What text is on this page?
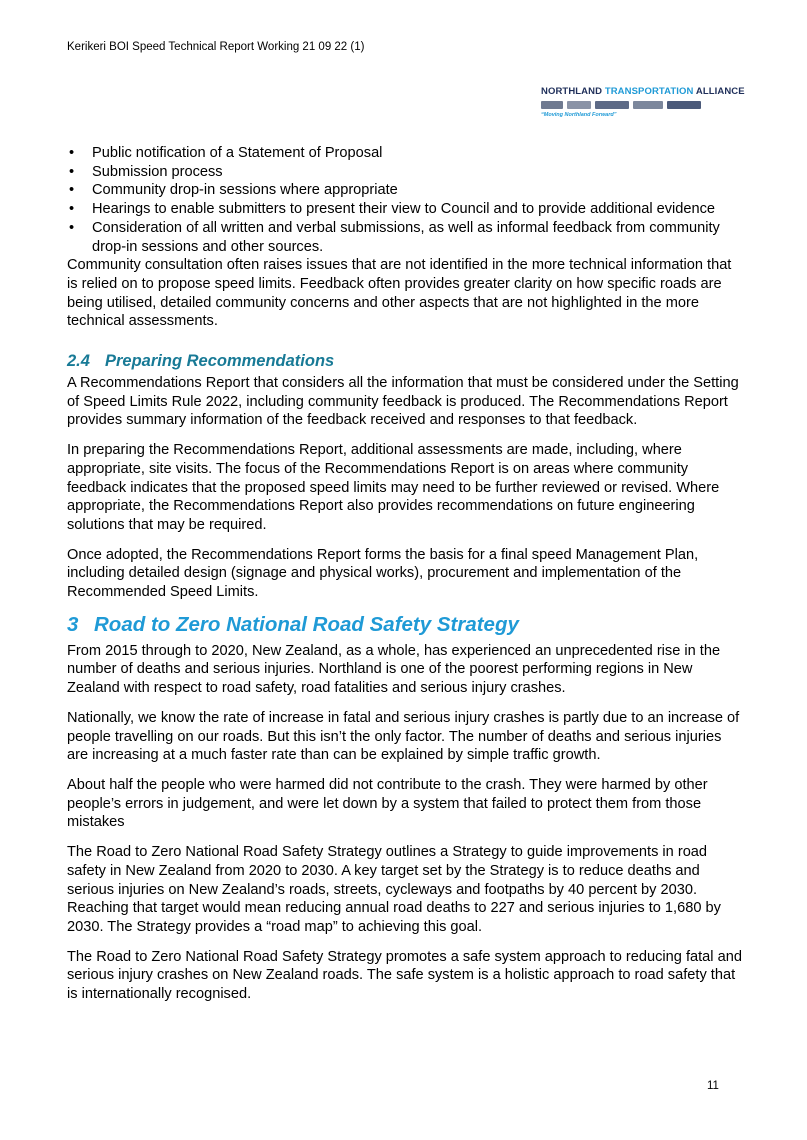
Kerikeri BOI Speed Technical Report Working 21 09 22 (1)
NORTHLAND TRANSPORTATION ALLIANCE
“Moving Northland Forward”
• Public notification of a Statement of Proposal
• Submission process
• Community drop-in sessions where appropriate
• Hearings to enable submitters to present their view to Council and to provide additional evidence
• Consideration of all written and verbal submissions, as well as informal feedback from community drop-in sessions and other sources.

Community consultation often raises issues that are not identified in the more technical information that is relied on to propose speed limits. Feedback often provides greater clarity on how specific roads are being utilised, detailed community concerns and other aspects that are not highlighted in the more technical assessments.

2.4 Preparing Recommendations

A Recommendations Report that considers all the information that must be considered under the Setting of Speed Limits Rule 2022, including community feedback is produced. The Recommendations Report provides summary information of the feedback received and responses to that feedback.

In preparing the Recommendations Report, additional assessments are made, including, where appropriate, site visits. The focus of the Recommendations Report is on areas where community feedback indicates that the proposed speed limits may need to be further reviewed or revised. Where appropriate, the Recommendations Report also provides recommendations on future engineering solutions that may be required.

Once adopted, the Recommendations Report forms the basis for a final speed Management Plan, including detailed design (signage and physical works), procurement and implementation of the Recommended Speed Limits.

3 Road to Zero National Road Safety Strategy

From 2015 through to 2020, New Zealand, as a whole, has experienced an unprecedented rise in the number of deaths and serious injuries. Northland is one of the poorest performing regions in New Zealand with respect to road safety, road fatalities and serious injury crashes.

Nationally, we know the rate of increase in fatal and serious injury crashes is partly due to an increase of people travelling on our roads. But this isn’t the only factor. The number of deaths and serious injuries are increasing at a much faster rate than can be explained by simple traffic growth.

About half the people who were harmed did not contribute to the crash. They were harmed by other people’s errors in judgement, and were let down by a system that failed to protect them from those mistakes

The Road to Zero National Road Safety Strategy outlines a Strategy to guide improvements in road safety in New Zealand from 2020 to 2030. A key target set by the Strategy is to reduce deaths and serious injuries on New Zealand’s roads, streets, cycleways and footpaths by 40 percent by 2030. Reaching that target would mean reducing annual road deaths to 227 and serious injuries to 1,680 by 2030. The Strategy provides a “road map” to achieving this goal.

The Road to Zero National Road Safety Strategy promotes a safe system approach to reducing fatal and serious injury crashes on New Zealand roads. The safe system is a holistic approach to road safety that is internationally recognised.

11
